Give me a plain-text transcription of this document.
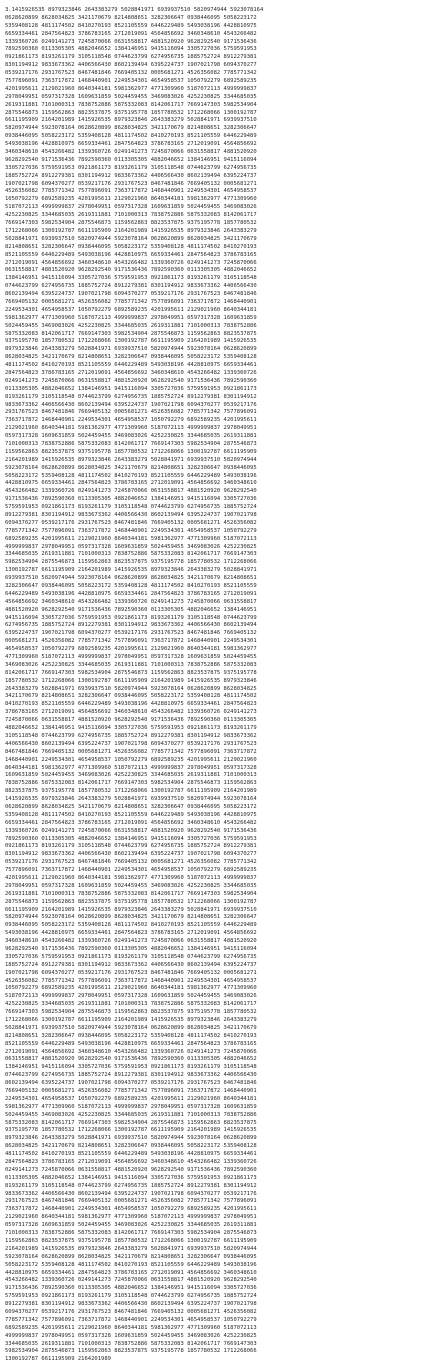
3.1415926535 8979323846 2643383279 5028841971 6939937510 5820974944 5923078164
0628620899 8628034825 3421170679 8214808651 3282306647 0938446095 5058223172
5359408128 4811174502 8410270193 8521105559 6446229489 5493038196 4428810975
6659334461 2847564823 3786783165 2712019091 4564856692 3460348610 4543266482
1339360726 0249141273 7245870066 0631558817 4881520920 9628292540 9171536436
7892590360 0113305305 4882046652 1384146951 9415116094 3305727036 5759591953
0921861173 8193261179 3105118548 0744623799 6274956735 1885752724 8912279381
8301194912 9833673362 4406566430 8602139494 6395224737 1907021798 6094370277
0539217176 2931767523 8467481846 7669405132 0005681271 4526356082 7785771342
7577896091 7363717872 1468440901 2249534301 4654958537 1050792279 6892589235
4201995611 2129021960 8640344181 5981362977 4771309960 5187072113 4999999837
2978049951 0597317328 1609631859 5024459455 3469083026 4252230825 3344685035
2619311881 7101000313 7838752886 5875332083 8142061717 7669147303 5982534904
2875546873 1159562863 8823537875 9375195778 1857780532 1712268066 1300192787
6611195909 2164201989 1415926535 8979323846 2643383279 5028841971 6939937510
5820974944 5923078164 0628620899 8628034825 3421170679 8214808651 3282306647
0938446095 5058223172 5359408128 4811174502 8410270193 8521105559 6446229489
5493038196 4428810975 6659334461 2847564823 3786783165 2712019091 4564856692
3460348610 4543266482 1339360726 0249141273 7245870066 0631558817 4881520920
9628292540 9171536436 7892590360 0113305305 4882046652 1384146951 9415116094
3305727036 5759591953 0921861173 8193261179 3105118548 0744623799 6274956735
1885752724 8912279381 8301194912 9833673362 4406566430 8602139494 6395224737
1907021798 6094370277 0539217176 2931767523 8467481846 7669405132 0005681271
4526356082 7785771342 7577896091 7363717872 1468440901 2249534301 4654958537
1050792279 6892589235 4201995611 2129021960 8640344181 5981362977 4771309960
5187072113 4999999837 2978049951 0597317328 1609631859 5024459455 3469083026
4252230825 3344685035 2619311881 7101000313 7838752886 5875332083 8142061717
7669147303 5982534904 2875546873 1159562863 8823537875 9375195778 1857780532
1712268066 1300192787 6611195909 2164201989 1415926535 8979323846 2643383279
5028841971 6939937510 5820974944 5923078164 0628620899 8628034825 3421170679
8214808651 3282306647 0938446095 5058223172 5359408128 4811174502 8410270193
8521105559 6446229489 5493038196 4428810975 6659334461 2847564823 3786783165
2712019091 4564856692 3460348610 4543266482 1339360726 0249141273 7245870066
0631558817 4881520920 9628292540 9171536436 7892590360 0113305305 4882046652
1384146951 9415116094 3305727036 5759591953 0921861173 8193261179 3105118548
0744623799 6274956735 1885752724 8912279381 8301194912 9833673362 4406566430
8602139494 6395224737 1907021798 6094370277 0539217176 2931767523 8467481846
7669405132 0005681271 4526356082 7785771342 7577896091 7363717872 1468440901
2249534301 4654958537 1050792279 6892589235 4201995611 2129021960 8640344181
5981362977 4771309960 5187072113 4999999837 2978049951 0597317328 1609631859
5024459455 3469083026 4252230825 3344685035 2619311881 7101000313 7838752886
5875332083 8142061717 7669147303 5982534904 2875546873 1159562863 8823537875
9375195778 1857780532 1712268066 1300192787 6611195909 2164201989 1415926535
8979323846 2643383279 5028841971 6939937510 5820974944 5923078164 0628620899
8628034825 3421170679 8214808651 3282306647 0938446095 5058223172 5359408128
4811174502 8410270193 8521105559 6446229489 5493038196 4428810975 6659334461
2847564823 3786783165 2712019091 4564856692 3460348610 4543266482 1339360726
0249141273 7245870066 0631558817 4881520920 9628292540 9171536436 7892590360
0113305305 4882046652 1384146951 9415116094 3305727036 5759591953 0921861173
8193261179 3105118548 0744623799 6274956735 1885752724 8912279381 8301194912
9833673362 4406566430 8602139494 6395224737 1907021798 6094370277 0539217176
2931767523 8467481846 7669405132 0005681271 4526356082 7785771342 7577896091
7363717872 1468440901 2249534301 4654958537 1050792279 6892589235 4201995611
2129021960 8640344181 5981362977 4771309960 5187072113 4999999837 2978049951
0597317328 1609631859 5024459455 3469083026 4252230825 3344685035 2619311881
7101000313 7838752886 5875332083 8142061717 7669147303 5982534904 2875546873
1159562863 8823537875 9375195778 1857780532 1712268066 1300192787 6611195909
2164201989 1415926535 8979323846 2643383279 5028841971 6939937510 5820974944
5923078164 0628620899 8628034825 3421170679 8214808651 3282306647 0938446095
5058223172 5359408128 4811174502 8410270193 8521105559 6446229489 5493038196
4428810975 6659334461 2847564823 3786783165 2712019091 4564856692 3460348610
4543266482 1339360726 0249141273 7245870066 0631558817 4881520920 9628292540
9171536436 7892590360 0113305305 4882046652 1384146951 9415116094 3305727036
5759591953 0921861173 8193261179 3105118548 0744623799 6274956735 1885752724
8912279381 8301194912 9833673362 4406566430 8602139494 6395224737 1907021798
6094370277 0539217176 2931767523 8467481846 7669405132 0005681271 4526356082
7785771342 7577896091 7363717872 1468440901 2249534301 4654958537 1050792279
6892589235 4201995611 2129021960 8640344181 5981362977 4771309960 5187072113
4999999837 2978049951 0597317328 1609631859 5024459455 3469083026 4252230825
3344685035 2619311881 7101000313 7838752886 5875332083 8142061717 7669147303
5982534904 2875546873 1159562863 8823537875 9375195778 1857780532 1712268066
1300192787 6611195909 2164201989 1415926535 8979323846 2643383279 5028841971
6939937510 5820974944 5923078164 0628620899 8628034825 3421170679 8214808651
3282306647 0938446095 5058223172 5359408128 4811174502 8410270193 8521105559
6446229489 5493038196 4428810975 6659334461 2847564823 3786783165 2712019091
4564856692 3460348610 4543266482 1339360726 0249141273 7245870066 0631558817
4881520920 9628292540 9171536436 7892590360 0113305305 4882046652 1384146951
9415116094 3305727036 5759591953 0921861173 8193261179 3105118548 0744623799
6274956735 1885752724 8912279381 8301194912 9833673362 4406566430 8602139494
6395224737 1907021798 6094370277 0539217176 2931767523 8467481846 7669405132
0005681271 4526356082 7785771342 7577896091 7363717872 1468440901 2249534301
4654958537 1050792279 6892589235 4201995611 2129021960 8640344181 5981362977
4771309960 5187072113 4999999837 2978049951 0597317328 1609631859 5024459455
3469083026 4252230825 3344685035 2619311881 7101000313 7838752886 5875332083
8142061717 7669147303 5982534904 2875546873 1159562863 8823537875 9375195778
1857780532 1712268066 1300192787 6611195909 2164201989 1415926535 8979323846
2643383279 5028841971 6939937510 5820974944 5923078164 0628620899 8628034825
3421170679 8214808651 3282306647 0938446095 5058223172 5359408128 4811174502
8410270193 8521105559 6446229489 5493038196 4428810975 6659334461 2847564823
3786783165 2712019091 4564856692 3460348610 4543266482 1339360726 0249141273
7245870066 0631558817 4881520920 9628292540 9171536436 7892590360 0113305305
4882046652 1384146951 9415116094 3305727036 5759591953 0921861173 8193261179
3105118548 0744623799 6274956735 1885752724 8912279381 8301194912 9833673362
4406566430 8602139494 6395224737 1907021798 6094370277 0539217176 2931767523
8467481846 7669405132 0005681271 4526356082 7785771342 7577896091 7363717872
1468440901 2249534301 4654958537 1050792279 6892589235 4201995611 2129021960
8640344181 5981362977 4771309960 5187072113 4999999837 2978049951 0597317328
1609631859 5024459455 3469083026 4252230825 3344685035 2619311881 7101000313
7838752886 5875332083 8142061717 7669147303 5982534904 2875546873 1159562863
8823537875 9375195778 1857780532 1712268066 1300192787 6611195909 2164201989
1415926535 8979323846 2643383279 5028841971 6939937510 5820974944 5923078164
0628620899 8628034825 3421170679 8214808651 3282306647 0938446095 5058223172
5359408128 4811174502 8410270193 8521105559 6446229489 5493038196 4428810975
6659334461 2847564823 3786783165 2712019091 4564856692 3460348610 4543266482
1339360726 0249141273 7245870066 0631558817 4881520920 9628292540 9171536436
7892590360 0113305305 4882046652 1384146951 9415116094 3305727036 5759591953
0921861173 8193261179 3105118548 0744623799 6274956735 1885752724 8912279381
8301194912 9833673362 4406566430 8602139494 6395224737 1907021798 6094370277
0539217176 2931767523 8467481846 7669405132 0005681271 4526356082 7785771342
7577896091 7363717872 1468440901 2249534301 4654958537 1050792279 6892589235
4201995611 2129021960 8640344181 5981362977 4771309960 5187072113 4999999837
2978049951 0597317328 1609631859 5024459455 3469083026 4252230825 3344685035
2619311881 7101000313 7838752886 5875332083 8142061717 7669147303 5982534904
2875546873 1159562863 8823537875 9375195778 1857780532 1712268066 1300192787
6611195909 2164201989 1415926535 8979323846 2643383279 5028841971 6939937510
5820974944 5923078164 0628620899 8628034825 3421170679 8214808651 3282306647
0938446095 5058223172 5359408128 4811174502 8410270193 8521105559 6446229489
5493038196 4428810975 6659334461 2847564823 3786783165 2712019091 4564856692
3460348610 4543266482 1339360726 0249141273 7245870066 0631558817 4881520920
9628292540 9171536436 7892590360 0113305305 4882046652 1384146951 9415116094
3305727036 5759591953 0921861173 8193261179 3105118548 0744623799 6274956735
1885752724 8912279381 8301194912 9833673362 4406566430 8602139494 6395224737
1907021798 6094370277 0539217176 2931767523 8467481846 7669405132 0005681271
4526356082 7785771342 7577896091 7363717872 1468440901 2249534301 4654958537
1050792279 6892589235 4201995611 2129021960 8640344181 5981362977 4771309960
5187072113 4999999837 2978049951 0597317328 1609631859 5024459455 3469083026
4252230825 3344685035 2619311881 7101000313 7838752886 5875332083 8142061717
7669147303 5982534904 2875546873 1159562863 8823537875 9375195778 1857780532
1712268066 1300192787 6611195909 2164201989 1415926535 8979323846 2643383279
5028841971 6939937510 5820974944 5923078164 0628620899 8628034825 3421170679
8214808651 3282306647 0938446095 5058223172 5359408128 4811174502 8410270193
8521105559 6446229489 5493038196 4428810975 6659334461 2847564823 3786783165
2712019091 4564856692 3460348610 4543266482 1339360726 0249141273 7245870066
0631558817 4881520920 9628292540 9171536436 7892590360 0113305305 4882046652
1384146951 9415116094 3305727036 5759591953 0921861173 8193261179 3105118548
0744623799 6274956735 1885752724 8912279381 8301194912 9833673362 4406566430
8602139494 6395224737 1907021798 6094370277 0539217176 2931767523 8467481846
7669405132 0005681271 4526356082 7785771342 7577896091 7363717872 1468440901
2249534301 4654958537 1050792279 6892589235 4201995611 2129021960 8640344181
5981362977 4771309960 5187072113 4999999837 2978049951 0597317328 1609631859
5024459455 3469083026 4252230825 3344685035 2619311881 7101000313 7838752886
5875332083 8142061717 7669147303 5982534904 2875546873 1159562863 8823537875
9375195778 1857780532 1712268066 1300192787 6611195909 2164201989 1415926535
8979323846 2643383279 5028841971 6939937510 5820974944 5923078164 0628620899
8628034825 3421170679 8214808651 3282306647 0938446095 5058223172 5359408128
4811174502 8410270193 8521105559 6446229489 5493038196 4428810975 6659334461
2847564823 3786783165 2712019091 4564856692 3460348610 4543266482 1339360726
0249141273 7245870066 0631558817 4881520920 9628292540 9171536436 7892590360
0113305305 4882046652 1384146951 9415116094 3305727036 5759591953 0921861173
8193261179 3105118548 0744623799 6274956735 1885752724 8912279381 8301194912
9833673362 4406566430 8602139494 6395224737 1907021798 6094370277 0539217176
2931767523 8467481846 7669405132 0005681271 4526356082 7785771342 7577896091
7363717872 1468440901 2249534301 4654958537 1050792279 6892589235 4201995611
2129021960 8640344181 5981362977 4771309960 5187072113 4999999837 2978049951
0597317328 1609631859 5024459455 3469083026 4252230825 3344685035 2619311881
7101000313 7838752886 5875332083 8142061717 7669147303 5982534904 2875546873
1159562863 8823537875 9375195778 1857780532 1712268066 1300192787 6611195909
2164201989 1415926535 8979323846 2643383279 5028841971 6939937510 5820974944
5923078164 0628620899 8628034825 3421170679 8214808651 3282306647 0938446095
5058223172 5359408128 4811174502 8410270193 8521105559 6446229489 5493038196
4428810975 6659334461 2847564823 3786783165 2712019091 4564856692 3460348610
4543266482 1339360726 0249141273 7245870066 0631558817 4881520920 9628292540
9171536436 7892590360 0113305305 4882046652 1384146951 9415116094 3305727036
5759591953 0921861173 8193261179 3105118548 0744623799 6274956735 1885752724
8912279381 8301194912 9833673362 4406566430 8602139494 6395224737 1907021798
6094370277 0539217176 2931767523 8467481846 7669405132 0005681271 4526356082
7785771342 7577896091 7363717872 1468440901 2249534301 4654958537 1050792279
6892589235 4201995611 2129021960 8640344181 5981362977 4771309960 5187072113
4999999837 2978049951 0597317328 1609631859 5024459455 3469083026 4252230825
3344685035 2619311881 7101000313 7838752886 5875332083 8142061717 7669147303
5982534904 2875546873 1159562863 8823537875 9375195778 1857780532 1712268066
1300192787 6611195909 2164201989
